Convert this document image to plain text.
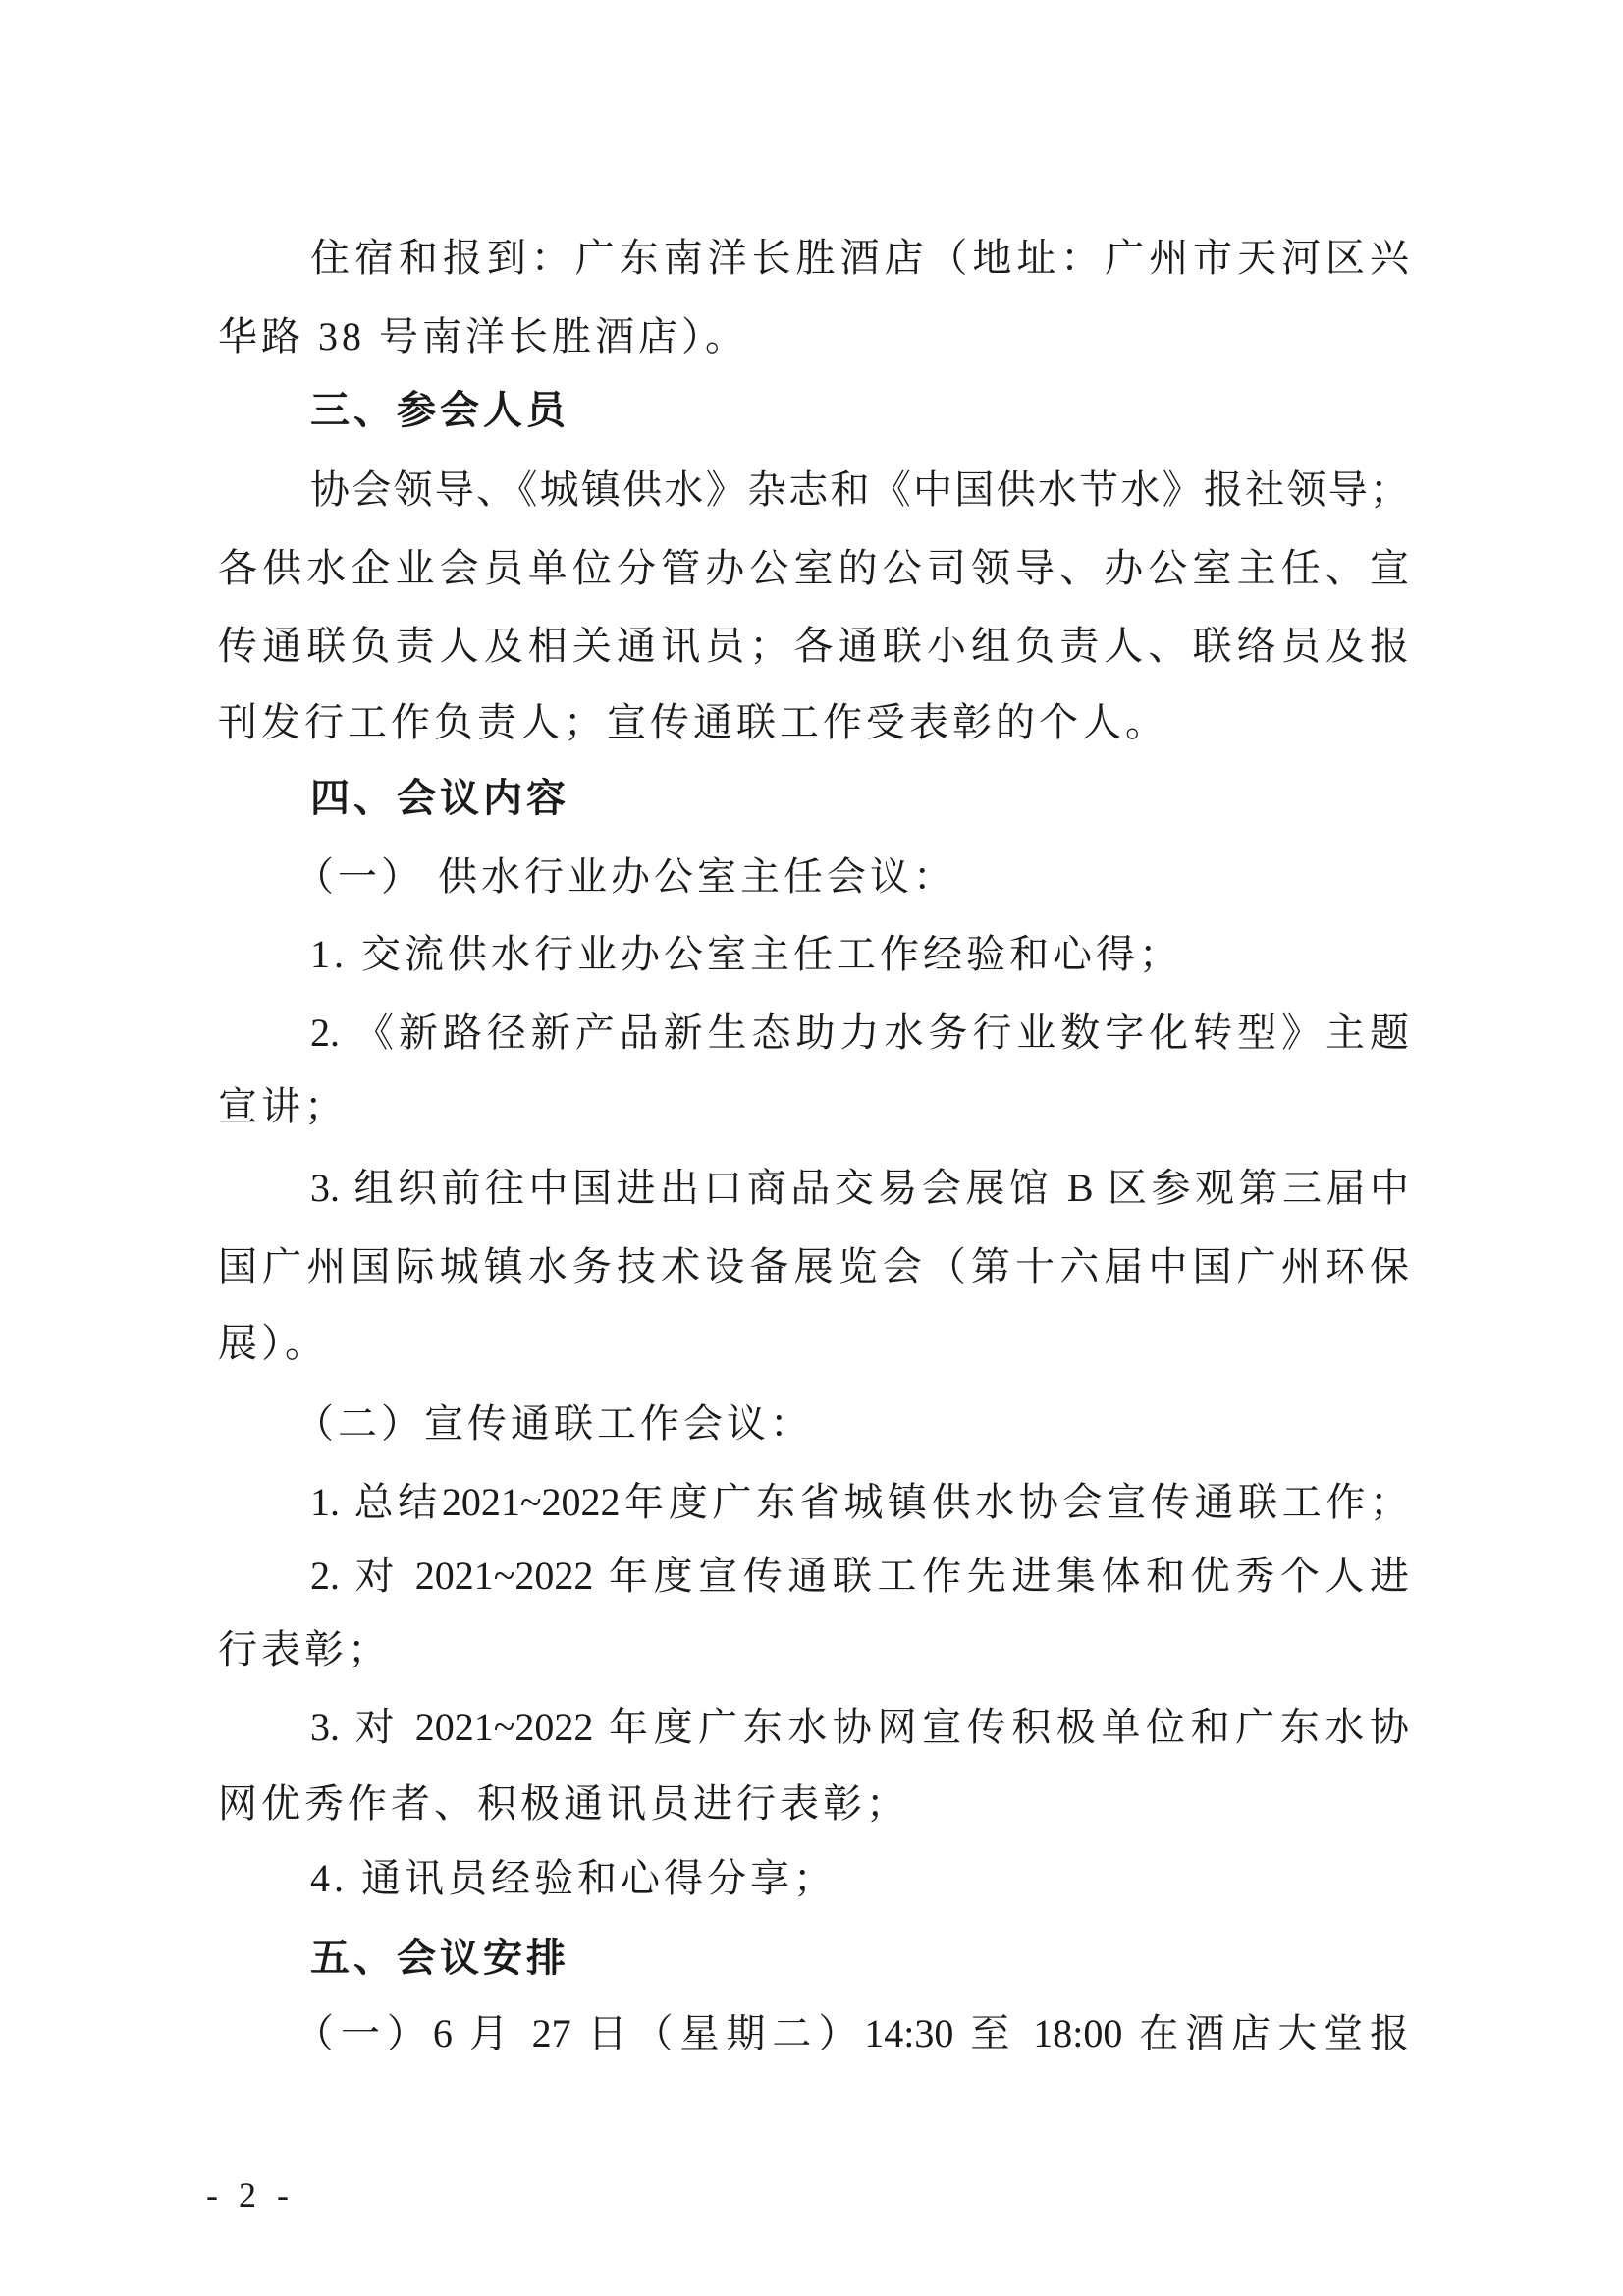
住宿和报到：广东南洋长胜酒店（地址：广州市天河区兴
华路 38 号南洋长胜酒店）。
三、参会人员
协会领导、《城镇供水》杂志和《中国供水节水》报社领导；
各供水企业会员单位分管办公室的公司领导、办公室主任、宣
传通联负责人及相关通讯员；各通联小组负责人、联络员及报
刊发行工作负责人；宣传通联工作受表彰的个人。
四、会议内容
（一） 供水行业办公室主任会议：
1. 交流供水行业办公室主任工作经验和心得；
2. 《新路径新产品新生态助力水务行业数字化转型》主题
宣讲；
3. 组织前往中国进出口商品交易会展馆 B 区参观第三届中
国广州国际城镇水务技术设备展览会（第十六届中国广州环保
展）。
（二）宣传通联工作会议：
1. 总结2021~2022年度广东省城镇供水协会宣传通联工作；
2. 对 2021~2022 年度宣传通联工作先进集体和优秀个人进
行表彰；
3. 对 2021~2022 年度广东水协网宣传积极单位和广东水协
网优秀作者、积极通讯员进行表彰；
4. 通讯员经验和心得分享；
五、会议安排
（一）6 月 27 日（星期二）14:30 至 18:00 在酒店大堂报
- 2 -
